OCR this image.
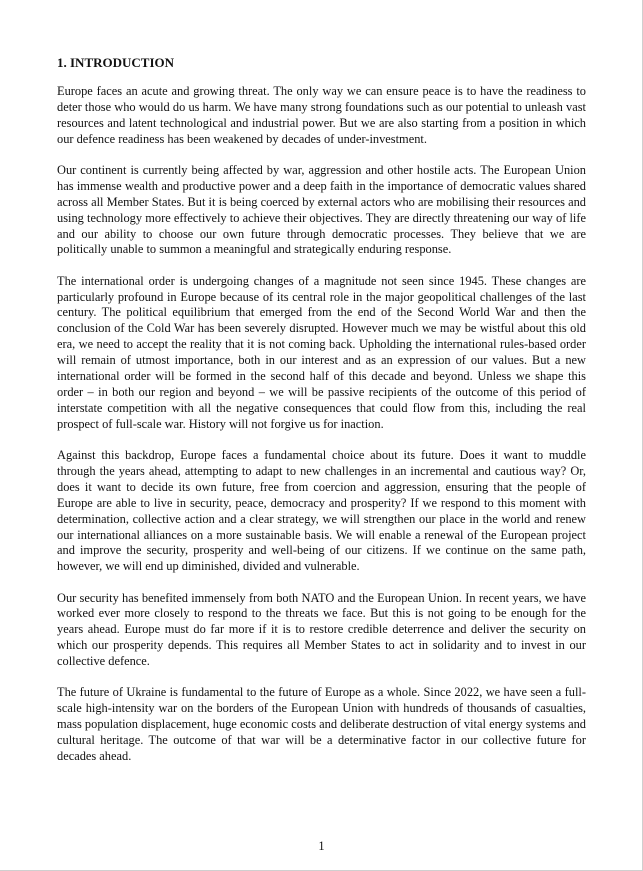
1. INTRODUCTION

Europe faces an acute and growing threat. The only way we can ensure peace is to have the readiness to deter those who would do us harm. We have many strong foundations such as our potential to unleash vast resources and latent technological and industrial power. But we are also starting from a position in which our defence readiness has been weakened by decades of under-investment.

Our continent is currently being affected by war, aggression and other hostile acts. The European Union has immense wealth and productive power and a deep faith in the importance of democratic values shared across all Member States. But it is being coerced by external actors who are mobilising their resources and using technology more effectively to achieve their objectives. They are directly threatening our way of life and our ability to choose our own future through democratic processes. They believe that we are politically unable to summon a meaningful and strategically enduring response.

The international order is undergoing changes of a magnitude not seen since 1945. These changes are particularly profound in Europe because of its central role in the major geopolitical challenges of the last century. The political equilibrium that emerged from the end of the Second World War and then the conclusion of the Cold War has been severely disrupted. However much we may be wistful about this old era, we need to accept the reality that it is not coming back. Upholding the international rules-based order will remain of utmost importance, both in our interest and as an expression of our values. But a new international order will be formed in the second half of this decade and beyond. Unless we shape this order – in both our region and beyond – we will be passive recipients of the outcome of this period of interstate competition with all the negative consequences that could flow from this, including the real prospect of full-scale war. History will not forgive us for inaction.

Against this backdrop, Europe faces a fundamental choice about its future. Does it want to muddle through the years ahead, attempting to adapt to new challenges in an incremental and cautious way? Or, does it want to decide its own future, free from coercion and aggression, ensuring that the people of Europe are able to live in security, peace, democracy and prosperity? If we respond to this moment with determination, collective action and a clear strategy, we will strengthen our place in the world and renew our international alliances on a more sustainable basis. We will enable a renewal of the European project and improve the security, prosperity and well-being of our citizens. If we continue on the same path, however, we will end up diminished, divided and vulnerable.

Our security has benefited immensely from both NATO and the European Union. In recent years, we have worked ever more closely to respond to the threats we face. But this is not going to be enough for the years ahead. Europe must do far more if it is to restore credible deterrence and deliver the security on which our prosperity depends. This requires all Member States to act in solidarity and to invest in our collective defence.

The future of Ukraine is fundamental to the future of Europe as a whole. Since 2022, we have seen a full-scale high-intensity war on the borders of the European Union with hundreds of thousands of casualties, mass population displacement, huge economic costs and deliberate destruction of vital energy systems and cultural heritage. The outcome of that war will be a determinative factor in our collective future for decades ahead.

1
